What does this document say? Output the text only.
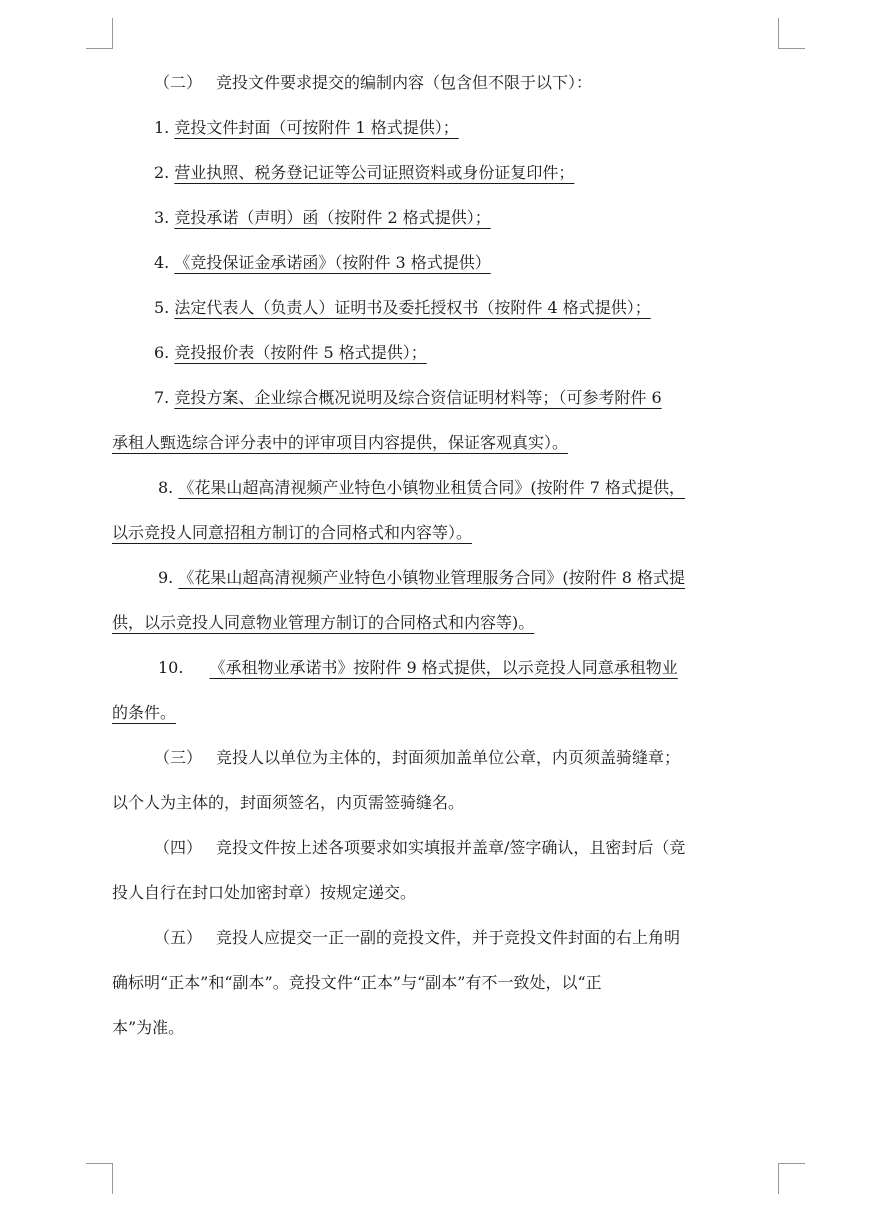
（二） 竞投文件要求提交的编制内容（包含但不限于以下）：

1. 竞投文件封面（可按附件 1 格式提供）；

2. 营业执照、税务登记证等公司证照资料或身份证复印件；

3. 竞投承诺（声明）函（按附件 2 格式提供）；

4. 《竞投保证金承诺函》（按附件 3 格式提供）

5. 法定代表人（负责人）证明书及委托授权书（按附件 4 格式提供）；

6. 竞投报价表（按附件 5 格式提供）；

7. 竞投方案、企业综合概况说明及综合资信证明材料等；（可参考附件 6

承租人甄选综合评分表中的评审项目内容提供，保证客观真实）。

8. 《花果山超高清视频产业特色小镇物业租赁合同》(按附件 7 格式提供，

以示竞投人同意招租方制订的合同格式和内容等）。

9. 《花果山超高清视频产业特色小镇物业管理服务合同》(按附件 8 格式提

供，以示竞投人同意物业管理方制订的合同格式和内容等)。

10. 《承租物业承诺书》按附件 9 格式提供，以示竞投人同意承租物业

的条件。

（三） 竞投人以单位为主体的，封面须加盖单位公章，内页须盖骑缝章；

以个人为主体的，封面须签名，内页需签骑缝名。

（四） 竞投文件按上述各项要求如实填报并盖章/签字确认，且密封后（竞

投人自行在封口处加密封章）按规定递交。

（五） 竞投人应提交一正一副的竞投文件，并于竞投文件封面的右上角明

确标明“正本”和“副本”。竞投文件“正本”与“副本”有不一致处，以“正

本”为准。
